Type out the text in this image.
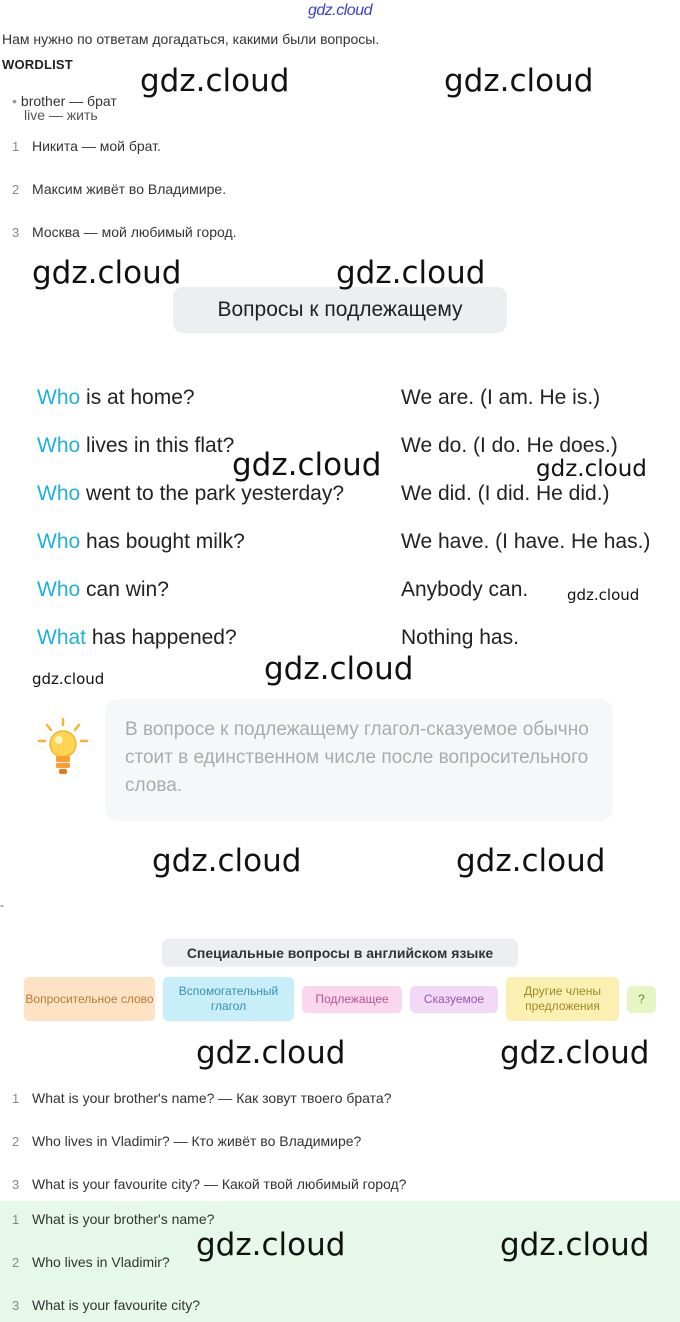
gdz.cloud
Нам нужно по ответам догадаться, какими были вопросы.
WORDLIST
• brother — брат
live — жить
1 Никита — мой брат.
2 Максим живёт во Владимире.
3 Москва — мой любимый город.
Вопросы к подлежащему
Who is at home?	We are. (I am. He is.)
Who lives in this flat?	We do. (I do. He does.)
Who went to the park yesterday?	We did. (I did. He did.)
Who has bought milk?	We have. (I have. He has.)
Who can win?	Anybody can.
What has happened?	Nothing has.
В вопросе к подлежащему глагол-сказуемое обычно стоит в единственном числе после вопросительного слова.
-
Специальные вопросы в английском языке
Вопросительное слово
Вспомогательный глагол	Подлежащее	Сказуемое
Другие члены предложения	?
1 What is your brother's name? — Как зовут твоего брата?
2 Who lives in Vladimir? — Кто живёт во Владимире?
3 What is your favourite city? — Какой твой любимый город?
1 What is your brother's name?
2 Who lives in Vladimir?
3 What is your favourite city?
gdz.cloud	gdz.cloud
gdz.cloud	gdz.cloud
gdz.cloud	gdz.cloud
gdz.cloud
gdz.cloud
gdz.cloud
gdz.cloud	gdz.cloud
gdz.cloud	gdz.cloud
gdz.cloud	gdz.cloud
